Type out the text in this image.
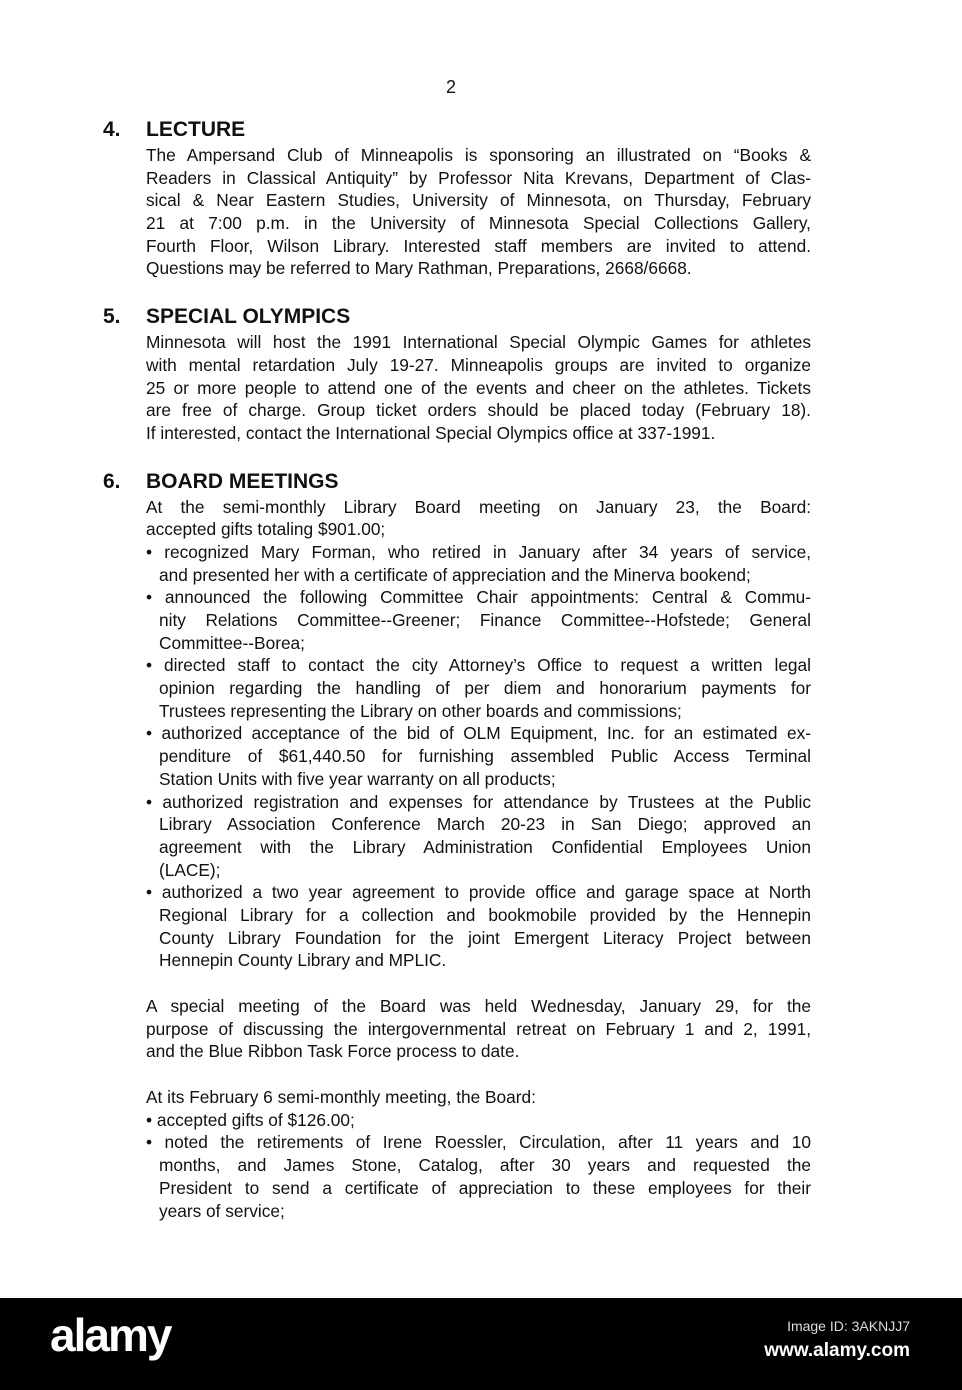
2
4.	LECTURE
The Ampersand Club of Minneapolis is sponsoring an illustrated on “Books &
Readers in Classical Antiquity” by Professor Nita Krevans, Department of Clas-
sical & Near Eastern Studies, University of Minnesota, on Thursday, February
21 at 7:00 p.m. in the University of Minnesota Special Collections Gallery,
Fourth Floor, Wilson Library. Interested staff members are invited to attend.
Questions may be referred to Mary Rathman, Preparations, 2668/6668.
5.	SPECIAL OLYMPICS
Minnesota will host the 1991 International Special Olympic Games for athletes
with mental retardation July 19-27. Minneapolis groups are invited to organize
25 or more people to attend one of the events and cheer on the athletes. Tickets
are free of charge. Group ticket orders should be placed today (February 18).
If interested, contact the International Special Olympics office at 337-1991.
6.	BOARD MEETINGS
At the semi-monthly Library Board meeting on January 23, the Board:
accepted gifts totaling $901.00;
• recognized Mary Forman, who retired in January after 34 years of service,
and presented her with a certificate of appreciation and the Minerva bookend;
• announced the following Committee Chair appointments: Central & Commu-
nity Relations Committee--Greener; Finance Committee--Hofstede; General
Committee--Borea;
• directed staff to contact the city Attorney’s Office to request a written legal
opinion regarding the handling of per diem and honorarium payments for
Trustees representing the Library on other boards and commissions;
• authorized acceptance of the bid of OLM Equipment, Inc. for an estimated ex-
penditure of $61,440.50 for furnishing assembled Public Access Terminal
Station Units with five year warranty on all products;
• authorized registration and expenses for attendance by Trustees at the Public
Library Association Conference March 20-23 in San Diego; approved an
agreement with the Library Administration Confidential Employees Union
(LACE);
• authorized a two year agreement to provide office and garage space at North
Regional Library for a collection and bookmobile provided by the Hennepin
County Library Foundation for the joint Emergent Literacy Project between
Hennepin County Library and MPLIC.
A special meeting of the Board was held Wednesday, January 29, for the
purpose of discussing the intergovernmental retreat on February 1 and 2, 1991,
and the Blue Ribbon Task Force process to date.
At its February 6 semi-monthly meeting, the Board:
• accepted gifts of $126.00;
• noted the retirements of Irene Roessler, Circulation, after 11 years and 10
months, and James Stone, Catalog, after 30 years and requested the
President to send a certificate of appreciation to these employees for their
years of service;
alamy	Image ID: 3AKNJJ7
www.alamy.com
